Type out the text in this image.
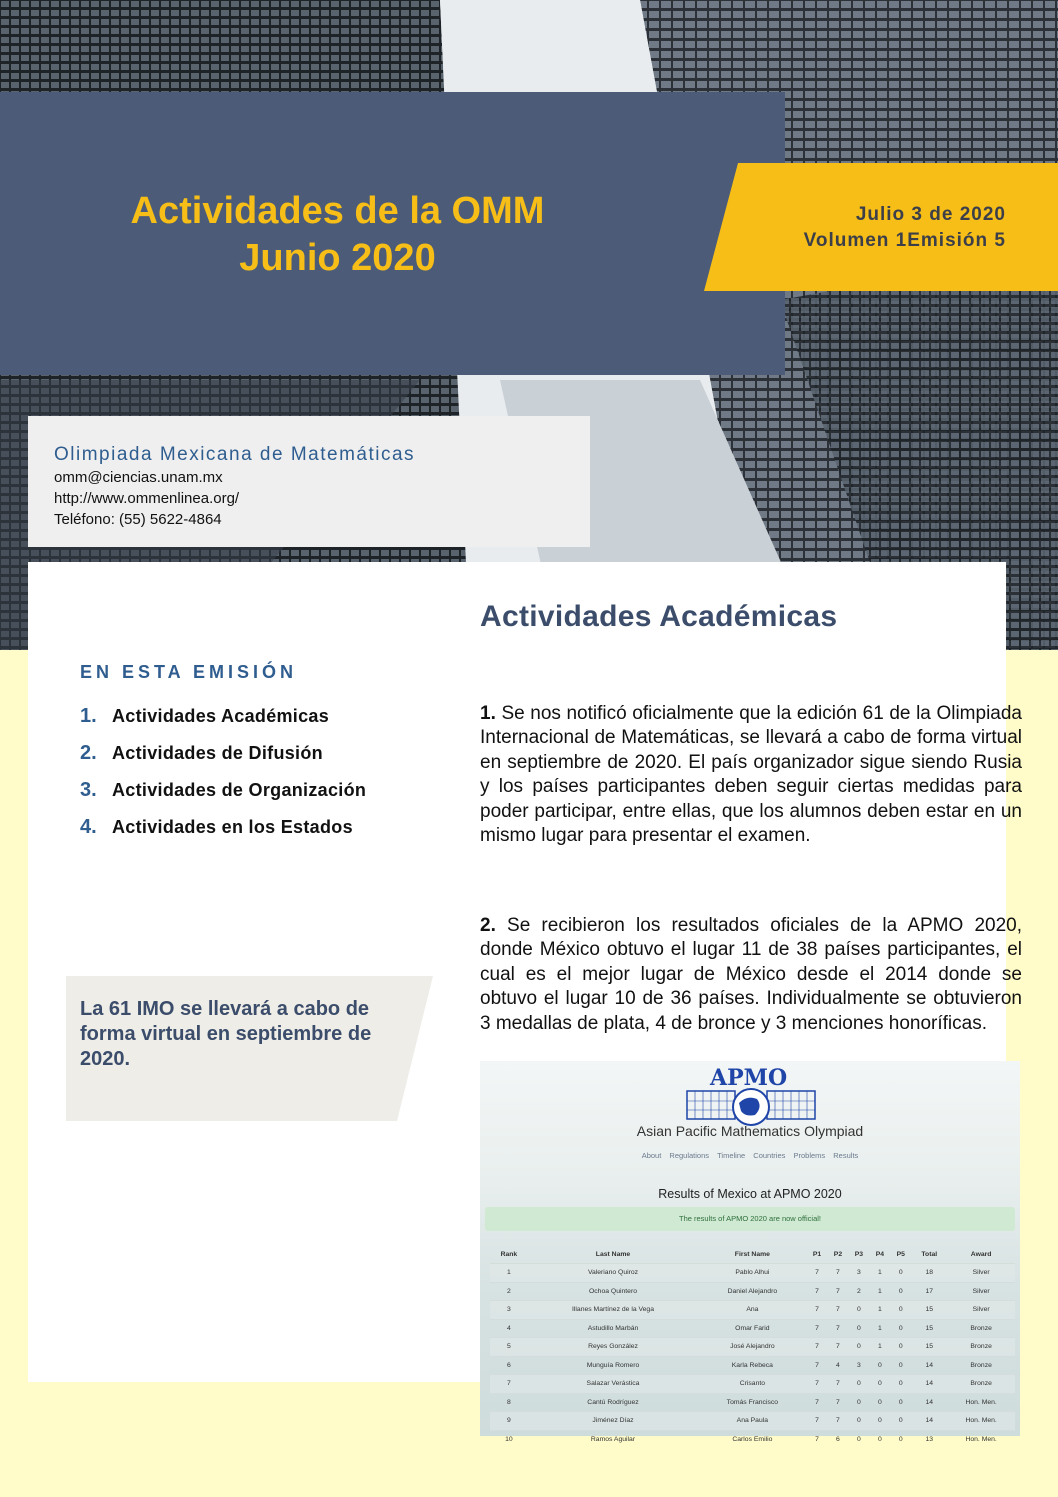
Actividades de la OMM
Junio 2020
Julio 3 de 2020
Volumen 1Emisión 5
Olimpiada Mexicana de Matemáticas
omm@ciencias.unam.mx
http://www.ommenlinea.org/
Teléfono: (55) 5622-4864
EN ESTA EMISIÓN
1. Actividades Académicas
2. Actividades de Difusión
3. Actividades de Organización
4. Actividades en los Estados
La 61 IMO se llevará a cabo de forma virtual en septiembre de 2020.
Actividades Académicas
1. Se nos notificó oficialmente que la edición 61 de la Olimpiada Internacional de Matemáticas, se llevará a cabo de forma virtual en septiembre de 2020. El país organizador sigue siendo Rusia y los países participantes deben seguir ciertas medidas para poder participar, entre ellas, que los alumnos deben estar en un mismo lugar para presentar el examen.
2. Se recibieron los resultados oficiales de la APMO 2020, donde México obtuvo el lugar 11 de 38 países participantes, el cual es el mejor lugar de México desde el 2014 donde se obtuvo el lugar 10 de 36 países. Individualmente se obtuvieron 3 medallas de plata, 4 de bronce y 3 menciones honoríficas.
APMO
Asian Pacific Mathematics Olympiad
About Regulations Timeline Countries Problems Results
Results of Mexico at APMO 2020
The results of APMO 2020 are now official!
Rank	Last Name	First Name	P1	P2	P3	P4	P5	Total	Award
1	Valeriano Quiroz	Pablo Alhui	7	7	3	1	0	18	Silver
2	Ochoa Quintero	Daniel Alejandro	7	7	2	1	0	17	Silver
3	Illanes Martínez de la Vega	Ana	7	7	0	1	0	15	Silver
4	Astudillo Marbán	Omar Farid	7	7	0	1	0	15	Bronze
5	Reyes González	José Alejandro	7	7	0	1	0	15	Bronze
6	Munguía Romero	Karla Rebeca	7	4	3	0	0	14	Bronze
7	Salazar Verástica	Crisanto	7	7	0	0	0	14	Bronze
8	Cantú Rodríguez	Tomás Francisco	7	7	0	0	0	14	Hon. Men.
9	Jiménez Díaz	Ana Paula	7	7	0	0	0	14	Hon. Men.
10	Ramos Aguilar	Carlos Emilio	7	6	0	0	0	13	Hon. Men.
